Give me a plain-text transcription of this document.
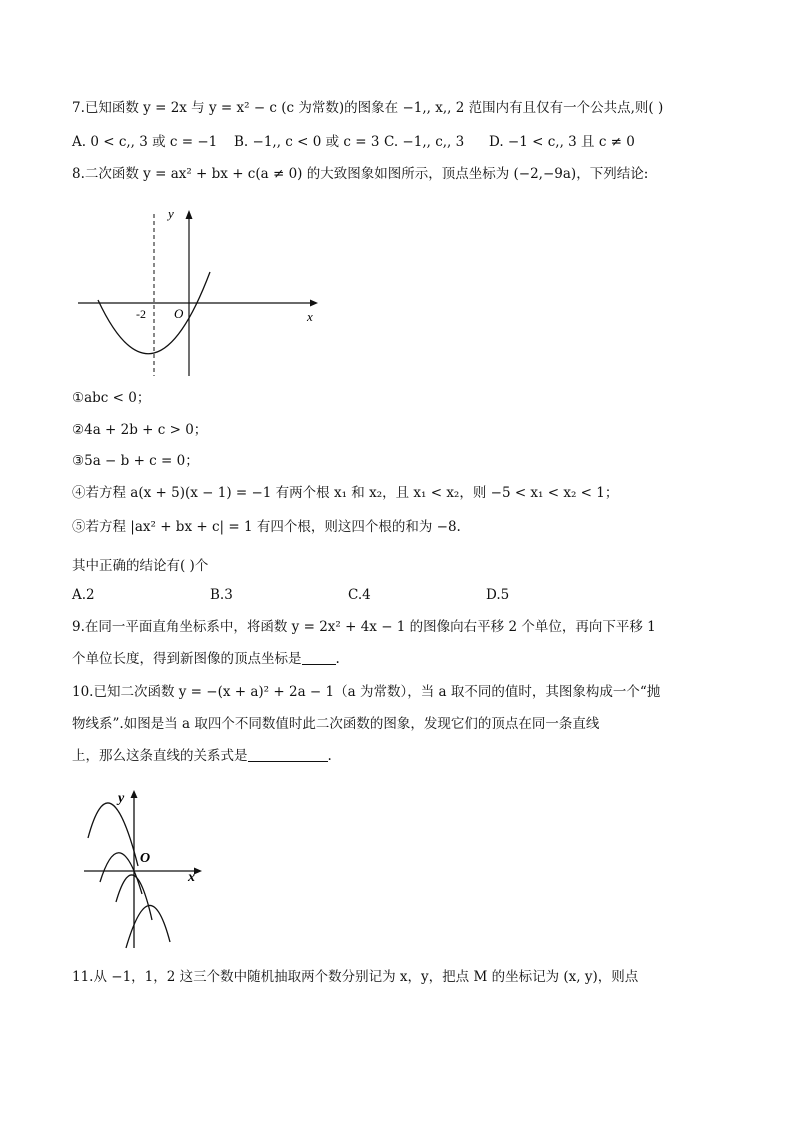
7.已知函数 y = 2x 与 y = x² − c (c 为常数)的图象在 −1,, x,, 2 范围内有且仅有一个公共点,则( )
A. 0 < c,, 3 或 c = −1 B. −1,, c < 0 或 c = 3 C. −1,, c,, 3 D. −1 < c,, 3 且 c ≠ 0
8.二次函数 y = ax² + bx + c(a ≠ 0) 的大致图象如图所示，顶点坐标为 (−2,−9a)，下列结论:
y
x
O
-2
①abc < 0；
②4a + 2b + c > 0；
③5a − b + c = 0；
④若方程 a(x + 5)(x − 1) = −1 有两个根 x₁ 和 x₂，且 x₁ < x₂，则 −5 < x₁ < x₂ < 1；
⑤若方程 |ax² + bx + c| = 1 有四个根，则这四个根的和为 −8.
其中正确的结论有( )个
A.2	B.3	C.4	D.5
9.在同一平面直角坐标系中，将函数 y = 2x² + 4x − 1 的图像向右平移 2 个单位，再向下平移 1
个单位长度，得到新图像的顶点坐标是	.
10.已知二次函数 y = −(x + a)² + 2a − 1（a 为常数），当 a 取不同的值时，其图象构成一个“抛
物线系”.如图是当 a 取四个不同数值时此二次函数的图象，发现它们的顶点在同一条直线
上，那么这条直线的关系式是	.
y
x
O
11.从 −1，1，2 这三个数中随机抽取两个数分别记为 x，y，把点 M 的坐标记为 (x, y)，则点
